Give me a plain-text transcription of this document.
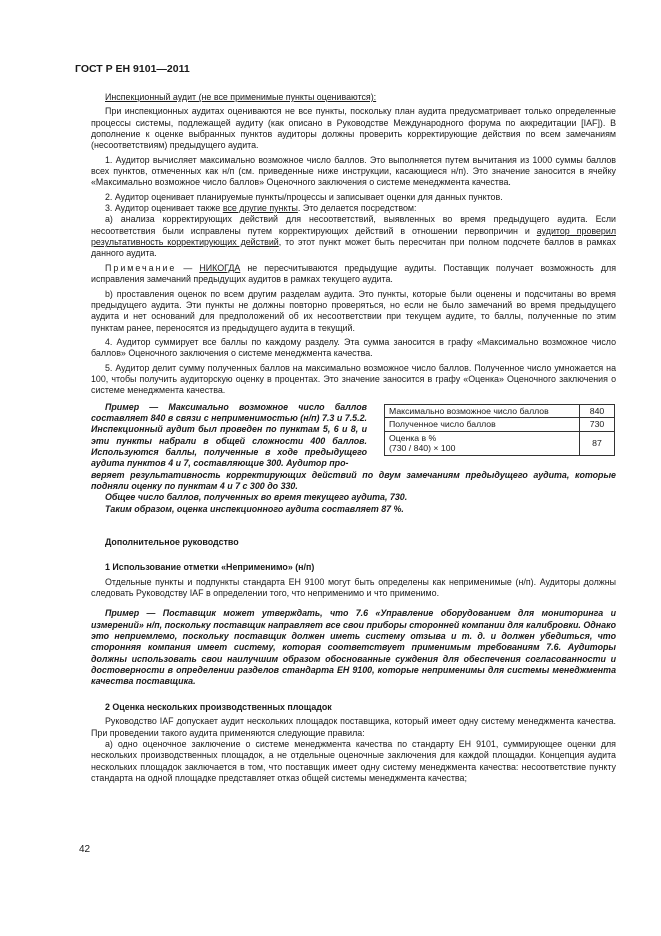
ГОСТ Р ЕН 9101—2011

Инспекционный аудит (не все применимые пункты оцениваются):

При инспекционных аудитах оцениваются не все пункты, поскольку план аудита предусматривает только определенные процессы системы, подлежащей аудиту (как описано в Руководстве Международного форума по аккредитации [IAF]). В дополнение к оценке выбранных пунктов аудиторы должны проверить корректирующие действия по всем замечаниям (несоответствиям) предыдущего аудита.

1. Аудитор вычисляет максимально возможное число баллов. Это выполняется путем вычитания из 1000 суммы баллов всех пунктов, отмеченных как н/п (см. приведенные ниже инструкции, касающиеся н/п). Это значение заносится в ячейку «Максимально возможное число баллов» Оценочного заключения о системе менеджмента качества.

2. Аудитор оценивает планируемые пункты/процессы и записывает оценки для данных пунктов.

3. Аудитор оценивает также все другие пункты. Это делается посредством:

а) анализа корректирующих действий для несоответствий, выявленных во время предыдущего аудита. Если несоответствия были исправлены путем корректирующих действий в отношении первопричин и аудитор проверил результативность корректирующих действий, то этот пункт может быть пересчитан при полном подсчете баллов в рамках данного аудита.

Примечание — НИКОГДА не пересчитываются предыдущие аудиты. Поставщик получает возможность для исправления замечаний предыдущих аудитов в рамках текущего аудита.

b) проставления оценок по всем другим разделам аудита. Это пункты, которые были оценены и подсчитаны во время предыдущего аудита. Эти пункты не должны повторно проверяться, но если не было замечаний во время предыдущего аудита и нет оснований для предположений об их несоответствии при текущем аудите, то баллы, полученные по этим пунктам ранее, переносятся из предыдущего аудита в текущий.

4. Аудитор суммирует все баллы по каждому разделу. Эта сумма заносится в графу «Максимально возможное число баллов» Оценочного заключения о системе менеджмента качества.

5. Аудитор делит сумму полученных баллов на максимально возможное число баллов. Полученное число умножается на 100, чтобы получить аудиторскую оценку в процентах. Это значение заносится в графу «Оценка» Оценочного заключения о системе менеджмента качества.

Пример — Максимально возможное число баллов составляет 840 в связи с неприменимостью (н/п) 7.3 и 7.5.2. Инспекционный аудит был проведен по пунктам 5, 6 и 8, и эти пункты набрали в общей сложности 400 баллов. Используются баллы, полученные в ходе предыдущего аудита пунктов 4 и 7, составляющие 300. Аудитор про-

Максимально возможное число баллов	840
Полученное число баллов	730
Оценка в %
(730 / 840) × 100	87

веряет результативность корректирующих действий по двум замечаниям предыдущего аудита, которые подняли оценку по пунктам 4 и 7 с 300 до 330.

Общее число баллов, полученных во время текущего аудита, 730.

Таким образом, оценка инспекционного аудита составляет 87 %.

Дополнительное руководство

1 Использование отметки «Неприменимо» (н/п)

Отдельные пункты и подпункты стандарта ЕН 9100 могут быть определены как неприменимые (н/п). Аудиторы должны следовать Руководству IAF в определении того, что неприменимо и что применимо.

Пример — Поставщик может утверждать, что 7.6 «Управление оборудованием для мониторинга и измерений» н/п, поскольку поставщик направляет все свои приборы сторонней компании для калибровки. Однако это неприемлемо, поскольку поставщик должен иметь систему отзыва и т. д. и должен убедиться, что сторонняя компания имеет систему, которая соответствует применимым требованиям 7.6. Аудиторы должны использовать свои наилучшим образом обоснованные суждения для обеспечения согласованности и достоверности в определении разделов стандарта ЕН 9100, которые неприменимы для системы менеджмента качества поставщика.

2 Оценка нескольких производственных площадок

Руководство IAF допускает аудит нескольких площадок поставщика, который имеет одну систему менеджмента качества. При проведении такого аудита применяются следующие правила:

а) одно оценочное заключение о системе менеджмента качества по стандарту ЕН 9101, суммирующее оценки для нескольких производственных площадок, а не отдельные оценочные заключения для каждой площадки. Концепция аудита нескольких площадок заключается в том, что поставщик имеет одну систему менеджмента качества: несоответствие пункту стандарта на одной площадке представляет отказ общей системы менеджмента качества;

42
